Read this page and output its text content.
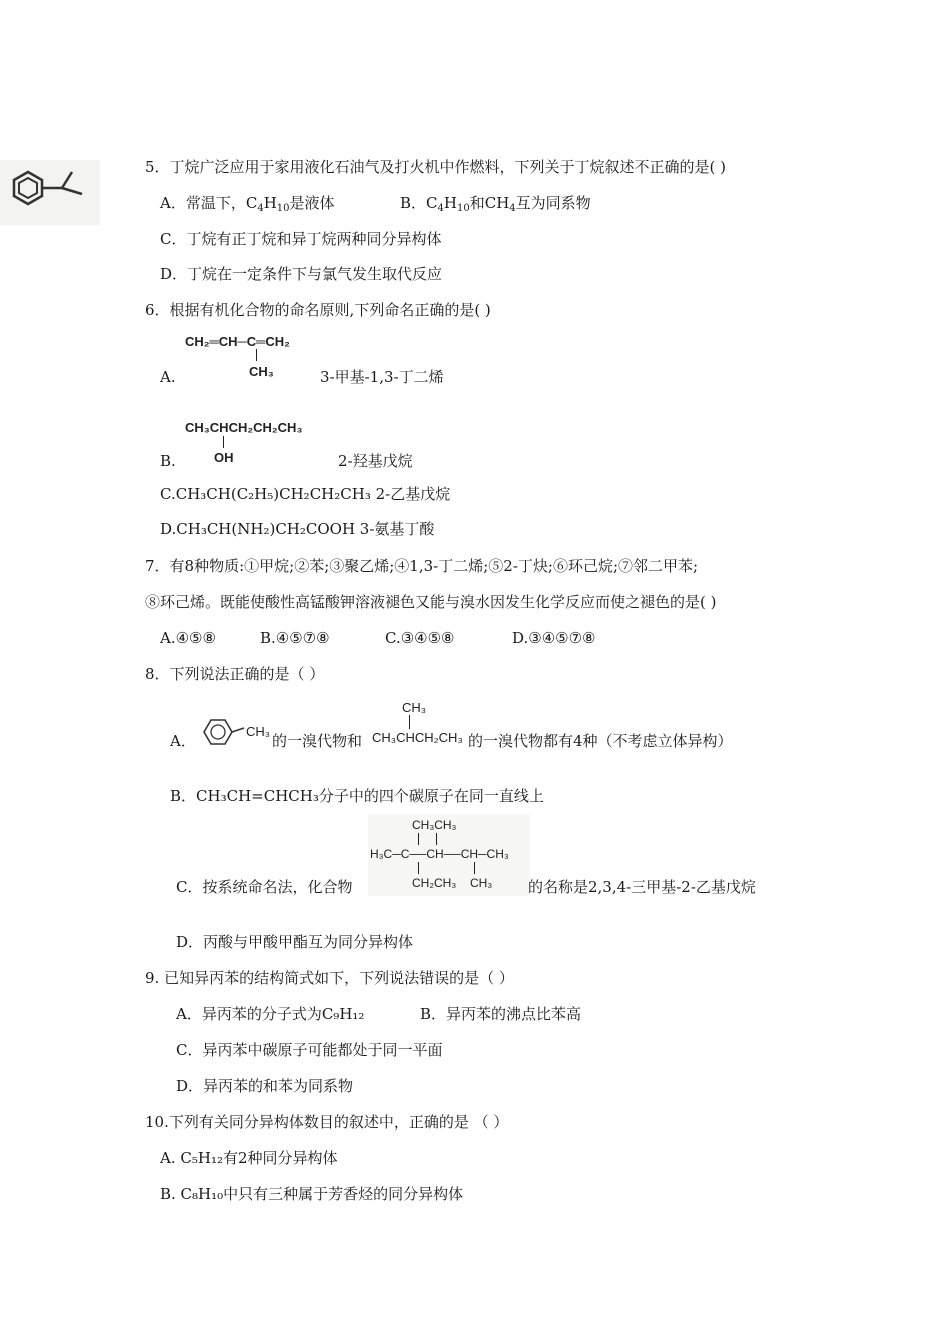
5．丁烷广泛应用于家用液化石油气及打火机中作燃料，下列关于丁烷叙述不正确的是( )
A．常温下，$C_4H_{10}$是液体	B．$C_4H_{10}$和$CH_4$互为同系物
C．丁烷有正丁烷和异丁烷两种同分异构体
D．丁烷在一定条件下与氯气发生取代反应
6．根据有机化合物的命名原则,下列命名正确的是( )
CH₂═CH─C═CH₂
CH₃
A.	3-甲基-1,3-丁二烯
CH₃CHCH₂CH₂CH₃
OH
B.	2-羟基戊烷
C.CH₃CH(C₂H₅)CH₂CH₂CH₃ 2-乙基戊烷
D.CH₃CH(NH₂)CH₂COOH 3-氨基丁酸
7．有8种物质:①甲烷;②苯;③聚乙烯;④1,3-丁二烯;⑤2-丁炔;⑥环己烷;⑦邻二甲苯;
⑧环己烯。既能使酸性高锰酸钾溶液褪色又能与溴水因发生化学反应而使之褪色的是( )
A.④⑤⑧	B.④⑤⑦⑧	C.③④⑤⑧	D.③④⑤⑦⑧
8．下列说法正确的是（ ）
A．
CH₃
的一溴代物和
CH₃
CH₃CHCH₂CH₃ 的一溴代物都有4种（不考虑立体异构）
B．CH₃CH=CHCH₃分子中的四个碳原子在同一直线上
CH₃CH₃
H₃C─C──CH──CH─CH₃
CH₂CH₃ CH₃
C．按系统命名法，化合物	的名称是2,3,4-三甲基-2-乙基戊烷
D．丙酸与甲酸甲酯互为同分异构体
9. 已知异丙苯的结构简式如下，下列说法错误的是（ ）
A．异丙苯的分子式为C₉H₁₂	B．异丙苯的沸点比苯高
C．异丙苯中碳原子可能都处于同一平面
D．异丙苯的和苯为同系物
10.下列有关同分异构体数目的叙述中，正确的是 （ ）
A. C₅H₁₂有2种同分异构体
B. C₈H₁₀中只有三种属于芳香烃的同分异构体
